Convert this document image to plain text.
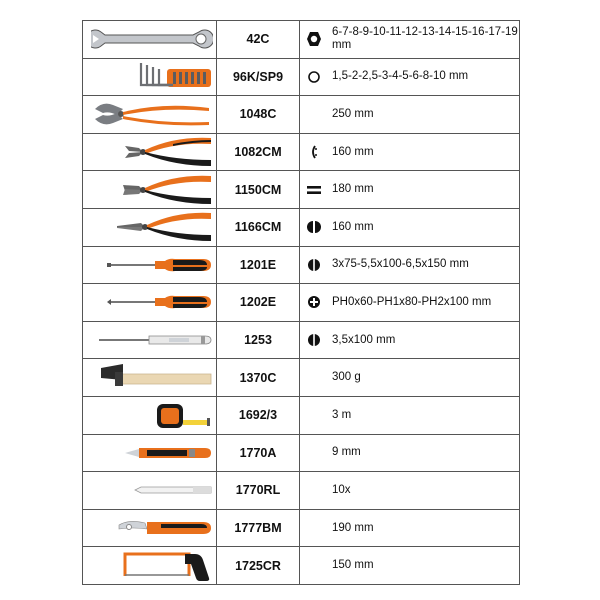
	42C		6-7-8-9-10-11-12-13-14-15-16-17-19 mm

	96K/SP9		1,5-2-2,5-3-4-5-6-8-10 mm

	1048C		250 mm

	1082CM		160 mm

	1150CM		180 mm

	1166CM		160 mm

	1201E		3x75-5,5x100-6,5x150 mm

	1202E		PH0x60-PH1x80-PH2x100 mm

	1253		3,5x100 mm

	1370C		300 g

	1692/3		3 m

	1770A		9 mm

	1770RL		10x

	1777BM		190 mm

	1725CR		150 mm
